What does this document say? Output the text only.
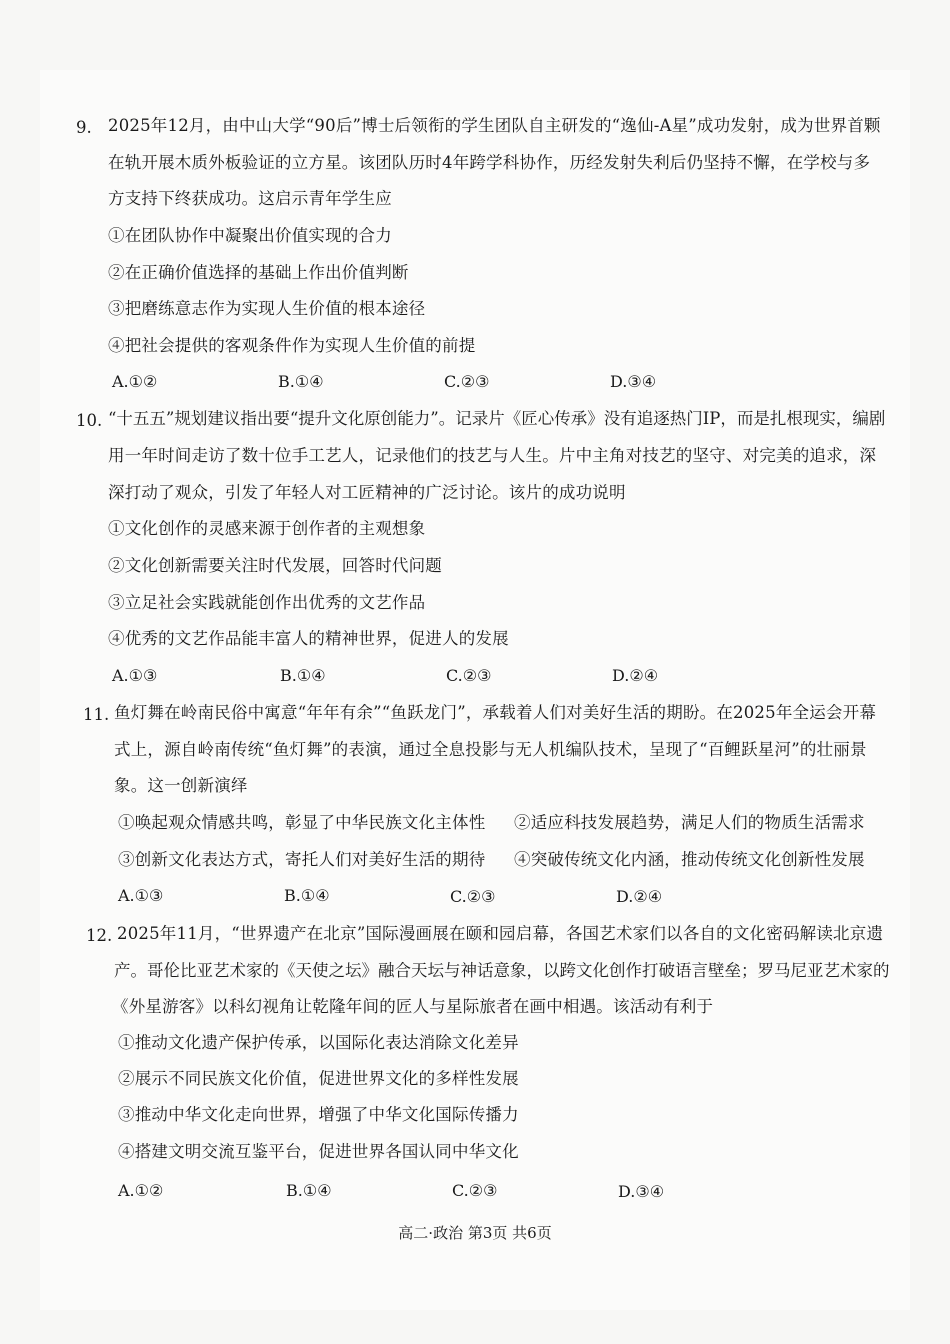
9. 2025年12月，由中山大学“90后”博士后领衔的学生团队自主研发的“逸仙-A星”成功发射，成为世界首颗
在轨开展木质外板验证的立方星。该团队历时4年跨学科协作，历经发射失利后仍坚持不懈，在学校与多
方支持下终获成功。这启示青年学生应
①在团队协作中凝聚出价值实现的合力
②在正确价值选择的基础上作出价值判断
③把磨练意志作为实现人生价值的根本途径
④把社会提供的客观条件作为实现人生价值的前提
A.①②	B.①④	C.②③	D.③④
10. “十五五”规划建议指出要“提升文化原创能力”。记录片《匠心传承》没有追逐热门IP，而是扎根现实，编剧
用一年时间走访了数十位手工艺人，记录他们的技艺与人生。片中主角对技艺的坚守、对完美的追求，深
深打动了观众，引发了年轻人对工匠精神的广泛讨论。该片的成功说明
①文化创作的灵感来源于创作者的主观想象
②文化创新需要关注时代发展，回答时代问题
③立足社会实践就能创作出优秀的文艺作品
④优秀的文艺作品能丰富人的精神世界，促进人的发展
A.①③	B.①④	C.②③	D.②④
11. 鱼灯舞在岭南民俗中寓意“年年有余”“鱼跃龙门”，承载着人们对美好生活的期盼。在2025年全运会开幕
式上，源自岭南传统“鱼灯舞”的表演，通过全息投影与无人机编队技术，呈现了“百鲤跃星河”的壮丽景
象。这一创新演绎
①唤起观众情感共鸣，彰显了中华民族文化主体性 ②适应科技发展趋势，满足人们的物质生活需求
③创新文化表达方式，寄托人们对美好生活的期待 ④突破传统文化内涵，推动传统文化创新性发展
A.①③	B.①④	C.②③	D.②④
12. 2025年11月，“世界遗产在北京”国际漫画展在颐和园启幕，各国艺术家们以各自的文化密码解读北京遗
产。哥伦比亚艺术家的《天使之坛》融合天坛与神话意象，以跨文化创作打破语言壁垒；罗马尼亚艺术家的
《外星游客》以科幻视角让乾隆年间的匠人与星际旅者在画中相遇。该活动有利于
①推动文化遗产保护传承，以国际化表达消除文化差异
②展示不同民族文化价值，促进世界文化的多样性发展
③推动中华文化走向世界，增强了中华文化国际传播力
④搭建文明交流互鉴平台，促进世界各国认同中华文化
A.①②	B.①④	C.②③	D.③④
高二·政治 第3页 共6页
